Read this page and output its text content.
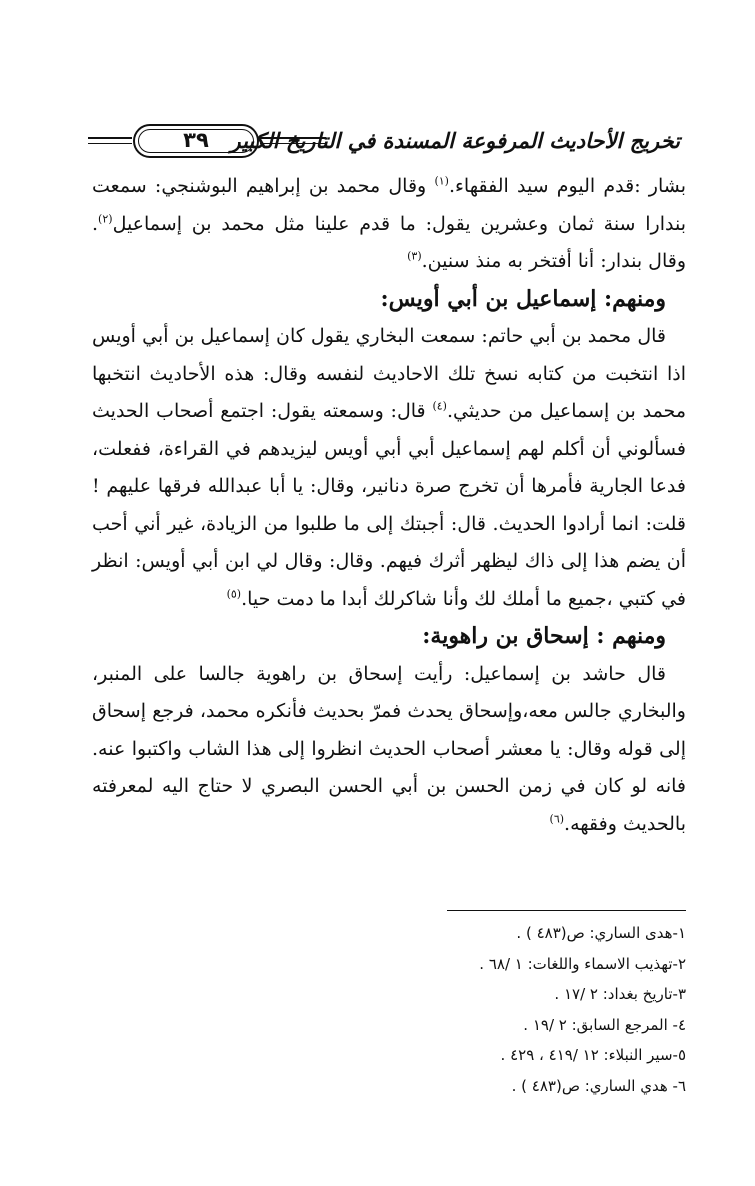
تخريج الأحاديث المرفوعة المسندة في التاريخ الكبير
٣٩

بشار :قدم اليوم سيد الفقهاء.$^{(١)}$ وقال محمد بن إبراهيم البوشنجي: سمعت بندارا سنة ثمان وعشرين يقول: ما قدم علينا مثل محمد بن إسماعيل$^{(٢)}$. وقال بندار: أنا أفتخر به منذ سنين.$^{(٣)}$

ومنهم: إسماعيل بن أبي أويس:

قال محمد بن أبي حاتم: سمعت البخاري يقول كان إسماعيل بن أبي أويس اذا انتخبت من كتابه نسخ تلك الاحاديث لنفسه وقال: هذه الأحاديث انتخبها محمد بن إسماعيل من حديثي.$^{(٤)}$ قال: وسمعته يقول: اجتمع أصحاب الحديث فسألوني أن أكلم لهم إسماعيل أبي أبي أويس ليزيدهم في القراءة، ففعلت، فدعا الجارية فأمرها أن تخرج صرة دنانير، وقال: يا أبا عبدالله فرقها عليهم ! قلت: انما أرادوا الحديث. قال: أجبتك إلى ما طلبوا من الزيادة، غير أني أحب أن يضم هذا إلى ذاك ليظهر أثرك فيهم. وقال: وقال لي ابن أبي أويس: انظر في كتبي ،جميع ما أملك لك وأنا شاكرلك أبدا ما دمت حيا.$^{(٥)}$

ومنهم : إسحاق بن راهوية:

قال حاشد بن إسماعيل: رأيت إسحاق بن راهوية جالسا على المنبر، والبخاري جالس معه،وإسحاق يحدث فمرّ بحديث فأنكره محمد، فرجع إسحاق إلى قوله وقال: يا معشر أصحاب الحديث انظروا إلى هذا الشاب واكتبوا عنه. فانه لو كان في زمن الحسن بن أبي الحسن البصري لا حتاج اليه لمعرفته بالحديث وفقهه.$^{(٦)}$

١-هدى الساري: ص(٤٨٣ ) .
٢-تهذيب الاسماء واللغات: ١ /٦٨ .
٣-تاريخ بغداد: ٢ /١٧ .
٤- المرجع السابق: ٢ /١٩ .
٥-سير النبلاء: ١٢ /٤١٩ ، ٤٢٩ .
٦- هدي الساري: ص(٤٨٣ ) .
